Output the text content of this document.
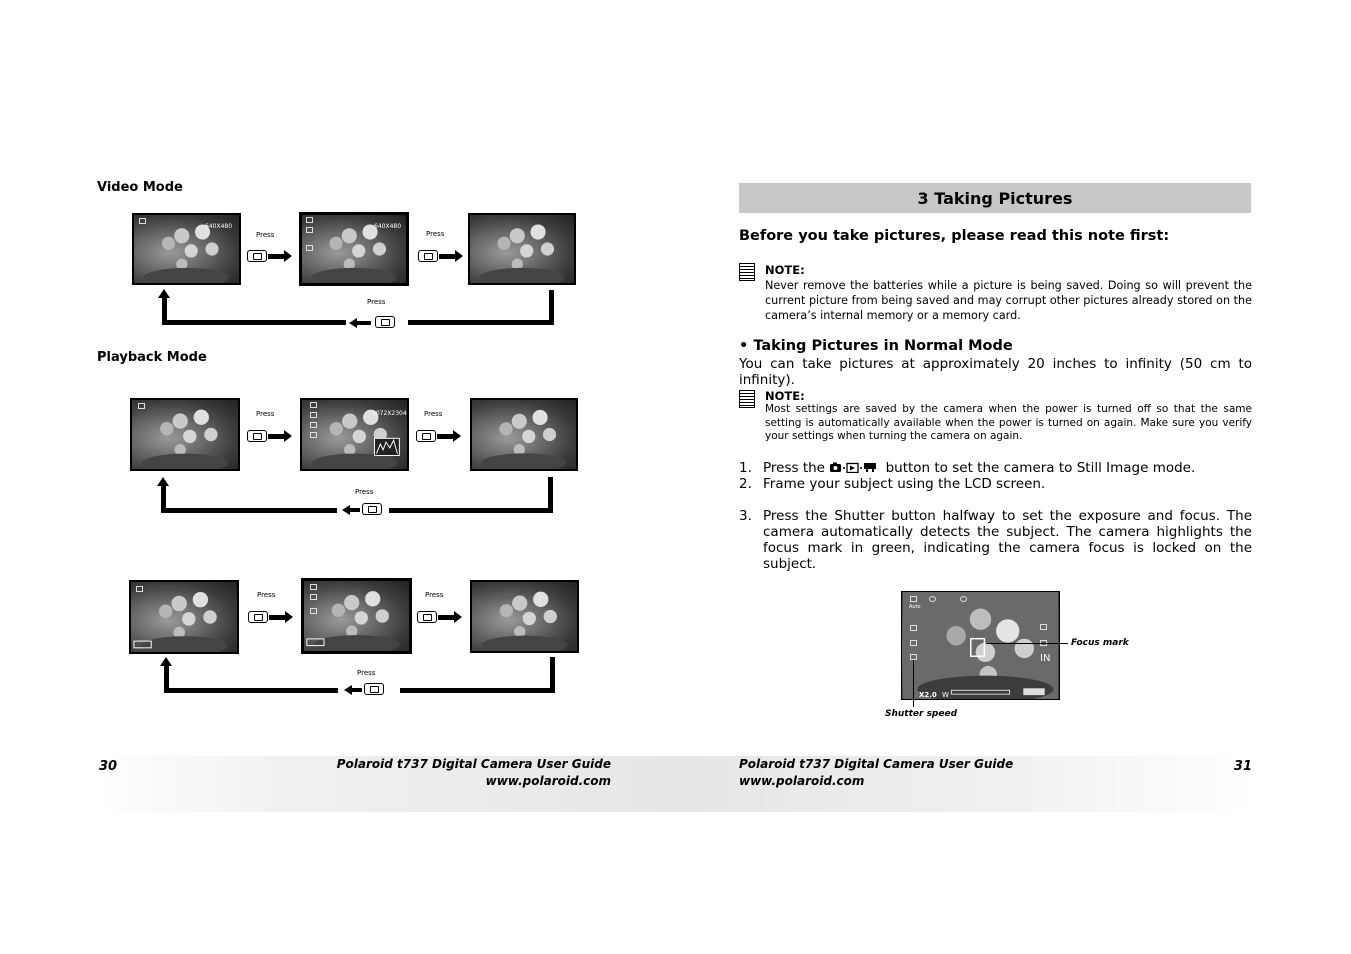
Video Mode
640X480
Press
640X480
Press
Press
Playback Mode
Press	3072X2304 Press
Press
Press	Press
Press
3 Taking Pictures
Before you take pictures, please read this note first:
NOTE:
Never remove the batteries while a picture is being saved. Doing so will prevent the current picture from being saved and may corrupt other pictures already stored on the camera’s internal memory or a memory card.
• Taking Pictures in Normal Mode
You can take pictures at approximately 20 inches to infinity (50 cm to infinity).
NOTE:
Most settings are saved by the camera when the power is turned off so that the same setting is automatically available when the power is turned on again. Make sure you verify your settings when turning the camera on again.
1. Press the	button to set the camera to Still Image mode.
2. Frame your subject using the LCD screen.
3. Press the Shutter button halfway to set the exposure and focus. The camera automatically detects the subject. The camera highlights the focus mark in green, indicating the camera focus is locked on the subject.
Auto
IN
X2.0 W
Focus mark
Shutter speed
30	Polaroid t737 Digital Camera User Guide
www.polaroid.com
Polaroid t737 Digital Camera User Guide
www.polaroid.com
31
